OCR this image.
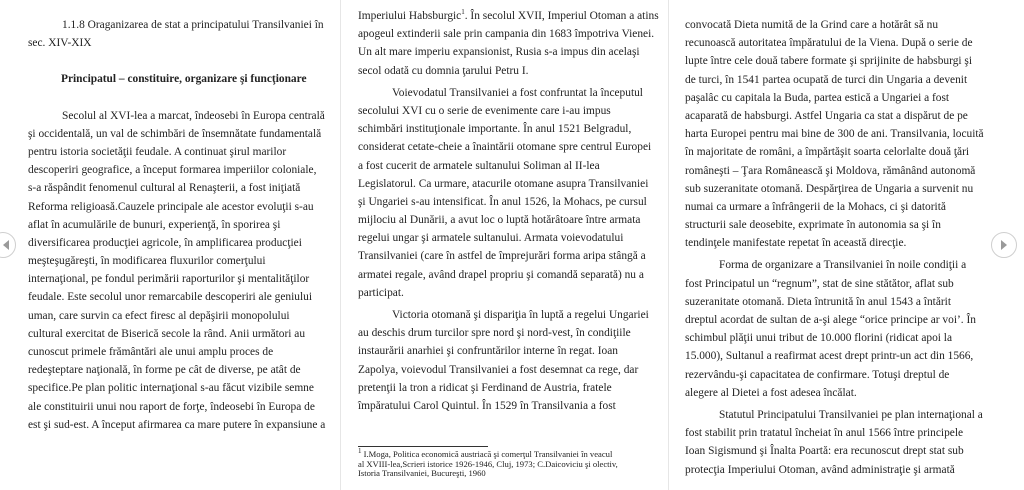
1.1.8 Oraganizarea de stat a principatului Transilvaniei în
sec. XIV-XIX
Principatul – constituire, organizare şi funcţionare
Secolul al XVI-lea a marcat, îndeosebi în Europa centrală
şi occidentală, un val de schimbări de însemnătate fundamentală
pentru istoria societăţii feudale. A continuat şirul marilor
descoperiri geografice, a început formarea imperiilor coloniale,
s-a răspândit fenomenul cultural al Renaşterii, a fost iniţiată
Reforma religioasă.Cauzele principale ale acestor evoluţii s-au
aflat în acumulările de bunuri, experienţă, în sporirea şi
diversificarea producţiei agricole, în amplificarea producţiei
meşteşugăreşti, în modificarea fluxurilor comerţului
internaţional, pe fondul perimării raporturilor şi mentalităţilor
feudale. Este secolul unor remarcabile descoperiri ale geniului
uman, care survin ca efect firesc al depăşirii monopolului
cultural exercitat de Biserică secole la rând. Anii următori au
cunoscut primele frământări ale unui amplu proces de
redeşteptare naţională, în forme pe cât de diverse, pe atât de
specifice.Pe plan politic internaţional s-au făcut vizibile semne
ale constituirii unui nou raport de forţe, îndeosebi în Europa de
est şi sud-est. A început afirmarea ca mare putere în expansiune a
Imperiului Habsburgic$^1$. În secolul XVII, Imperiul Otoman a atins
apogeul extinderii sale prin campania din 1683 împotriva Vienei.
Un alt mare imperiu expansionist, Rusia s-a impus din acelaşi
secol odată cu domnia ţarului Petru I.
Voievodatul Transilvaniei a fost confruntat la începutul
secolului XVI cu o serie de evenimente care i-au impus
schimbări instituţionale importante. În anul 1521 Belgradul,
considerat cetate-cheie a înaintării otomane spre centrul Europei
a fost cucerit de armatele sultanului Soliman al II-lea
Legislatorul. Ca urmare, atacurile otomane asupra Transilvaniei
şi Ungariei s-au intensificat. În anul 1526, la Mohacs, pe cursul
mijlociu al Dunării, a avut loc o luptă hotărâtoare între armata
regelui ungar şi armatele sultanului. Armata voievodatului
Transilvaniei (care în astfel de împrejurări forma aripa stângă a
armatei regale, având drapel propriu şi comandă separată) nu a
participat.
Victoria otomană şi dispariţia în luptă a regelui Ungariei
au deschis drum turcilor spre nord şi nord-vest, în condiţiile
instaurării anarhiei şi confruntărilor interne în regat. Ioan
Zapolya, voievodul Transilvaniei a fost desemnat ca rege, dar
pretenţii la tron a ridicat şi Ferdinand de Austria, fratele
împăratului Carol Quintul. În 1529 în Transilvania a fost
$^1$ I.Moga, Politica economică austriacă şi comerţul Transilvaniei în veacul
al XVIII-lea,Scrieri istorice 1926-1946, Cluj, 1973; C.Daicoviciu şi olectiv,
Istoria Transilvaniei, Bucureşti, 1960
convocată Dieta numită de la Grind care a hotărât să nu
recunoască autoritatea împăratului de la Viena. După o serie de
lupte între cele două tabere formate şi sprijinite de habsburgi şi
de turci, în 1541 partea ocupată de turci din Ungaria a devenit
paşalâc cu capitala la Buda, partea estică a Ungariei a fost
acaparată de habsburgi. Astfel Ungaria ca stat a dispărut de pe
harta Europei pentru mai bine de 300 de ani. Transilvania, locuită
în majoritate de români, a împărtăşit soarta celorlalte două ţări
româneşti – Ţara Românească şi Moldova, rămânând autonomă
sub suzeranitate otomană. Despărţirea de Ungaria a survenit nu
numai ca urmare a înfrângerii de la Mohacs, ci şi datorită
structurii sale deosebite, exprimate în autonomia sa şi în
tendinţele manifestate repetat în această direcţie.
Forma de organizare a Transilvaniei în noile condiţii a
fost Principatul un “regnum”, stat de sine stătător, aflat sub
suzeranitate otomană. Dieta întrunită în anul 1543 a întărit
dreptul acordat de sultan de a-şi alege “orice principe ar voi’. În
schimbul plăţii unui tribut de 10.000 florini (ridicat apoi la
15.000), Sultanul a reafirmat acest drept printr-un act din 1566,
rezervându-şi capacitatea de confirmare. Totuşi dreptul de
alegere al Dietei a fost adesea încălat.
Statutul Principatului Transilvaniei pe plan internaţional a
fost stabilit prin tratatul încheiat în anul 1566 între principele
Ioan Sigismund şi Înalta Poartă: era recunoscut drept stat sub
protecţia Imperiului Otoman, având administraţie şi armată
